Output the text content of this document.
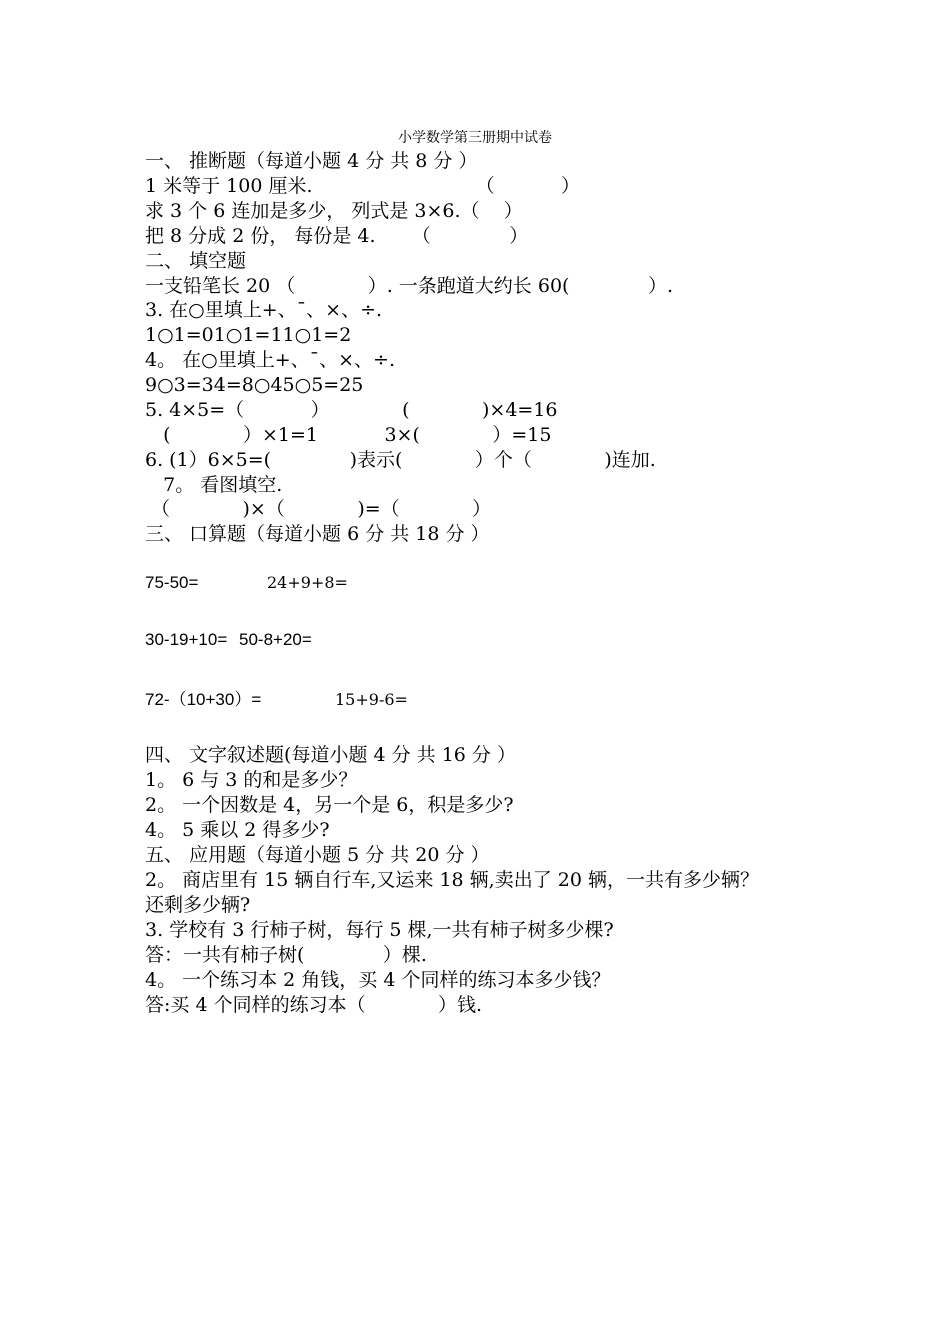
小学数学第三册期中试卷
一、 推断题（每道小题 4 分 共 8 分 ）
1 米等于 100 厘米.                           （           ）
求 3 个 6 连加是多少， 列式是 3×6.（    ）
把 8 分成 2 份， 每份是 4.      （             ）
二、 填空题
一支铅笔长 20 （            ）. 一条跑道大约长 60(             ）.
3. 在○里填上+、ˉ、×、÷.
1○1=01○1=11○1=2
4。 在○里填上+、ˉ、×、÷.
9○3=34=8○45○5=25
5. 4×5=（           ）            (            )×4=16
(            ）×1=1           3×(            ）=15
6. (1）6×5=(             )表示(            ）个（            )连加.
7。 看图填空.
（            )×（            )=（            ）
三、 口算题（每道小题 6 分 共 18 分 ）
75-50=	24+9+8=
30-19+10= 50-8+20=
72-（10+30）=	15+9-6=
四、 文字叙述题(每道小题 4 分 共 16 分 ）
1。 6 与 3 的和是多少？
2。 一个因数是 4，另一个是 6，积是多少?
4。 5 乘以 2 得多少?
五、 应用题（每道小题 5 分 共 20 分 ）
2。 商店里有 15 辆自行车,又运来 18 辆,卖出了 20 辆，一共有多少辆？
还剩多少辆?
3. 学校有 3 行柿子树，每行 5 棵,一共有柿子树多少棵?
答：一共有柿子树(             ）棵.
4。 一个练习本 2 角钱，买 4 个同样的练习本多少钱？
答:买 4 个同样的练习本（            ）钱.
